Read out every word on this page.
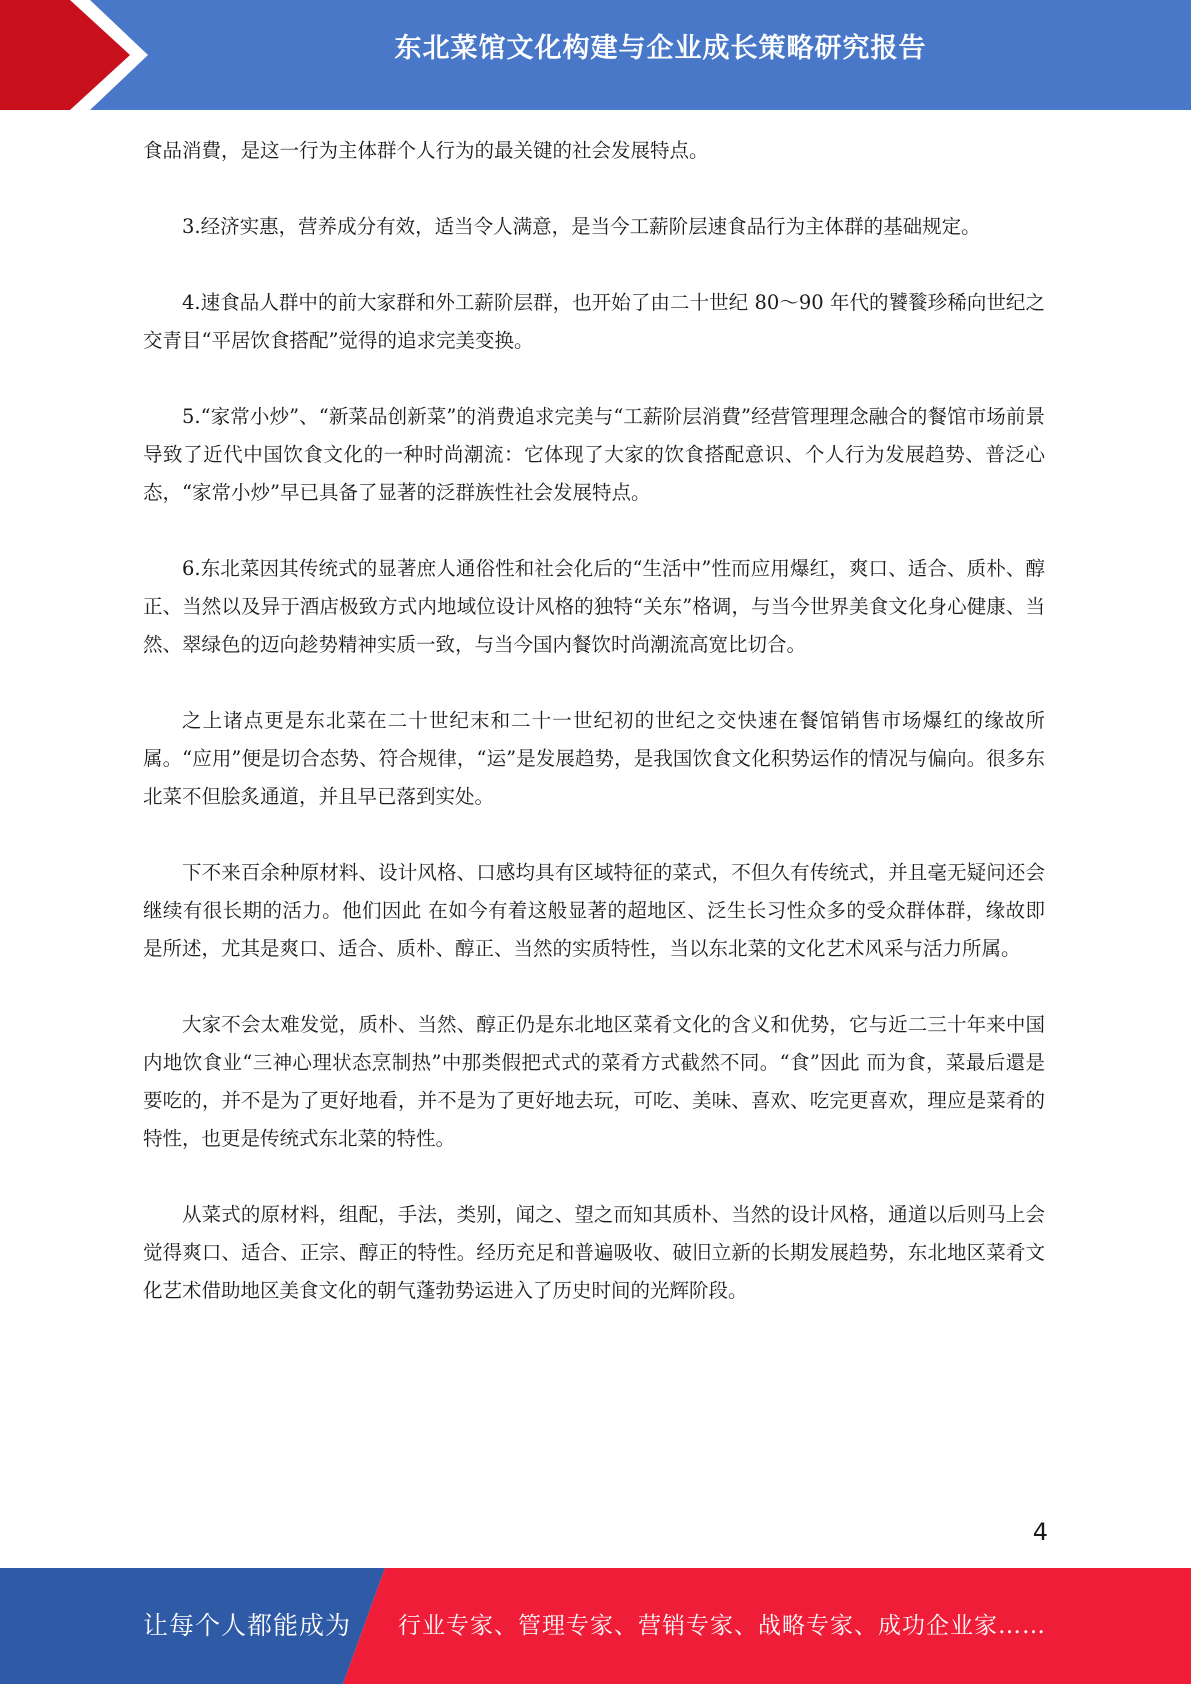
东北菜馆文化构建与企业成长策略研究报告

食品消費，是这一行为主体群个人行为的最关键的社会发展特点。

3.经济实惠，营养成分有效，适当令人满意，是当今工薪阶层速食品行为主体群的基础规定。

4.速食品人群中的前大家群和外工薪阶层群，也开始了由二十世纪 80～90 年代的饕餮珍稀向世纪之交青目“平居饮食搭配”觉得的追求完美变换。

5.“家常小炒”、“新菜品创新菜”的消费追求完美与“工薪阶层消費”经营管理理念融合的餐馆市场前景导致了近代中国饮食文化的一种时尚潮流：它体现了大家的饮食搭配意识、个人行为发展趋势、普泛心态，“家常小炒”早已具备了显著的泛群族性社会发展特点。

6.东北菜因其传统式的显著庶人通俗性和社会化后的“生活中”性而应用爆红，爽口、适合、质朴、醇正、当然以及异于酒店极致方式内地域位设计风格的独特“关东”格调，与当今世界美食文化身心健康、当然、翠绿色的迈向趁势精神实质一致，与当今国内餐饮时尚潮流高宽比切合。

之上诸点更是东北菜在二十世纪末和二十一世纪初的世纪之交快速在餐馆销售市场爆红的缘故所属。“应用”便是切合态势、符合规律，“运”是发展趋势，是我国饮食文化积势运作的情况与偏向。很多东北菜不但脍炙通道，并且早已落到实处。

下不来百余种原材料、设计风格、口感均具有区域特征的菜式，不但久有传统式，并且毫无疑问还会继续有很长期的活力。他们因此 在如今有着这般显著的超地区、泛生长习性众多的受众群体群，缘故即是所述，尤其是爽口、适合、质朴、醇正、当然的实质特性，当以东北菜的文化艺术风采与活力所属。

大家不会太难发觉，质朴、当然、醇正仍是东北地区菜肴文化的含义和优势，它与近二三十年来中国内地饮食业“三神心理状态烹制热”中那类假把式式的菜肴方式截然不同。“食”因此 而为食，菜最后還是要吃的，并不是为了更好地看，并不是为了更好地去玩，可吃、美味、喜欢、吃完更喜欢，理应是菜肴的特性，也更是传统式东北菜的特性。

从菜式的原材料，组配，手法，类别，闻之、望之而知其质朴、当然的设计风格，通道以后则马上会觉得爽口、适合、正宗、醇正的特性。经历充足和普遍吸收、破旧立新的长期发展趋势，东北地区菜肴文化艺术借助地区美食文化的朝气蓬勃势运进入了历史时间的光辉阶段。

4
让每个人都能成为 行业专家、管理专家、营销专家、战略专家、成功企业家……
